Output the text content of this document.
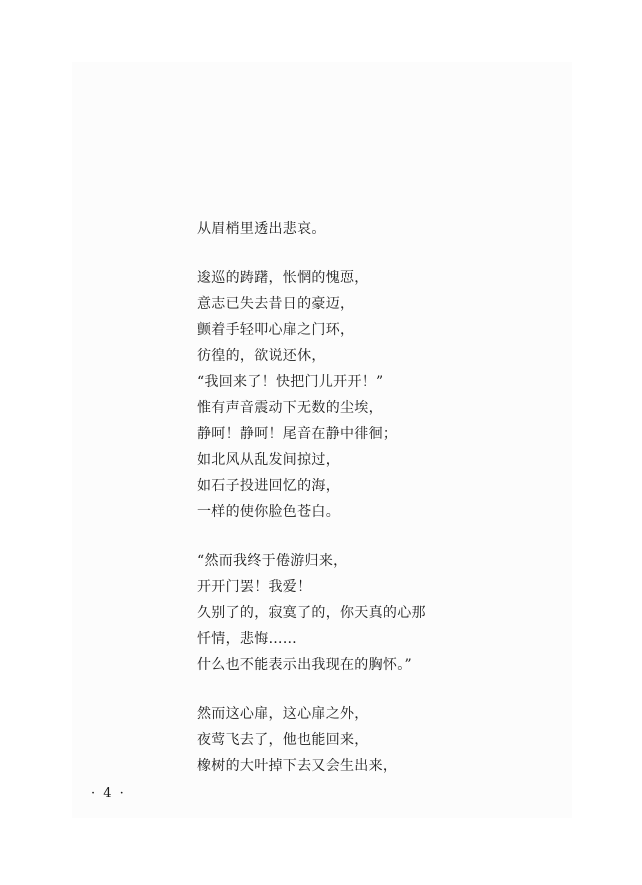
从眉梢里透出悲哀。
逡巡的踌躇，怅惘的愧恧，
意志已失去昔日的豪迈，
颤着手轻叩心扉之门环，
彷徨的，欲说还休，
“我回来了！快把门儿开开！”
惟有声音震动下无数的尘埃，
静呵！静呵！尾音在静中徘徊；
如北风从乱发间掠过，
如石子投进回忆的海，
一样的使你脸色苍白。
“然而我终于倦游归来，
开开门罢！我爱！
久别了的，寂寞了的，你天真的心那
忏情，悲悔……
什么也不能表示出我现在的胸怀。”
然而这心扉，这心扉之外，
夜莺飞去了，他也能回来，
橡树的大叶掉下去又会生出来，
· 4 ·
